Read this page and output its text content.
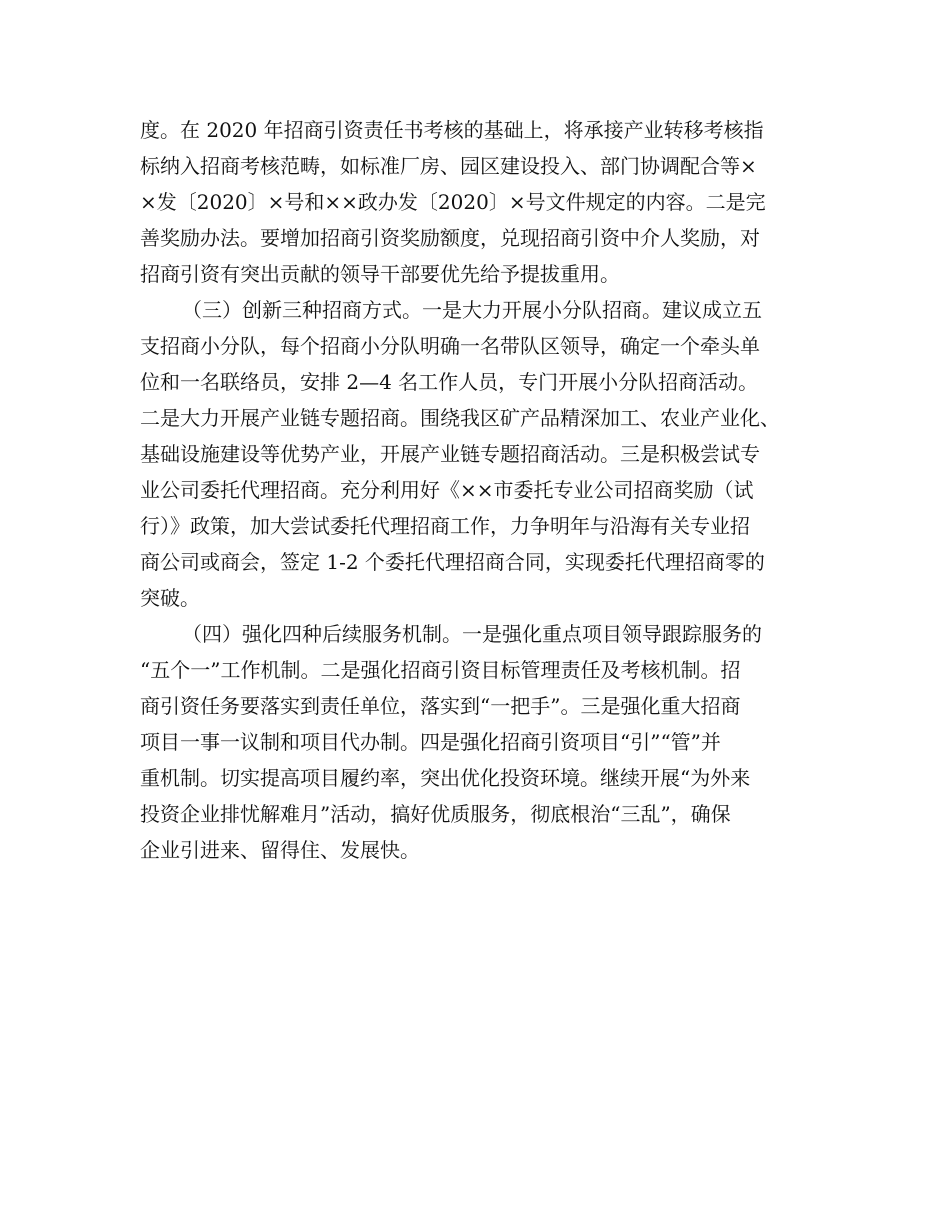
度。在 2020 年招商引资责任书考核的基础上，将承接产业转移考核指
标纳入招商考核范畴，如标准厂房、园区建设投入、部门协调配合等×
×发〔2020〕×号和××政办发〔2020〕×号文件规定的内容。二是完
善奖励办法。要增加招商引资奖励额度，兑现招商引资中介人奖励，对
招商引资有突出贡献的领导干部要优先给予提拔重用。
（三）创新三种招商方式。一是大力开展小分队招商。建议成立五
支招商小分队，每个招商小分队明确一名带队区领导，确定一个牵头单
位和一名联络员，安排 2—4 名工作人员，专门开展小分队招商活动。
二是大力开展产业链专题招商。围绕我区矿产品精深加工、农业产业化、
基础设施建设等优势产业，开展产业链专题招商活动。三是积极尝试专
业公司委托代理招商。充分利用好《××市委托专业公司招商奖励（试
行）》政策，加大尝试委托代理招商工作，力争明年与沿海有关专业招
商公司或商会，签定 1-2 个委托代理招商合同，实现委托代理招商零的
突破。
（四）强化四种后续服务机制。一是强化重点项目领导跟踪服务的
“五个一”工作机制。二是强化招商引资目标管理责任及考核机制。招
商引资任务要落实到责任单位，落实到“一把手”。三是强化重大招商
项目一事一议制和项目代办制。四是强化招商引资项目“引”“管”并
重机制。切实提高项目履约率，突出优化投资环境。继续开展“为外来
投资企业排忧解难月”活动，搞好优质服务，彻底根治“三乱”，确保
企业引进来、留得住、发展快。
